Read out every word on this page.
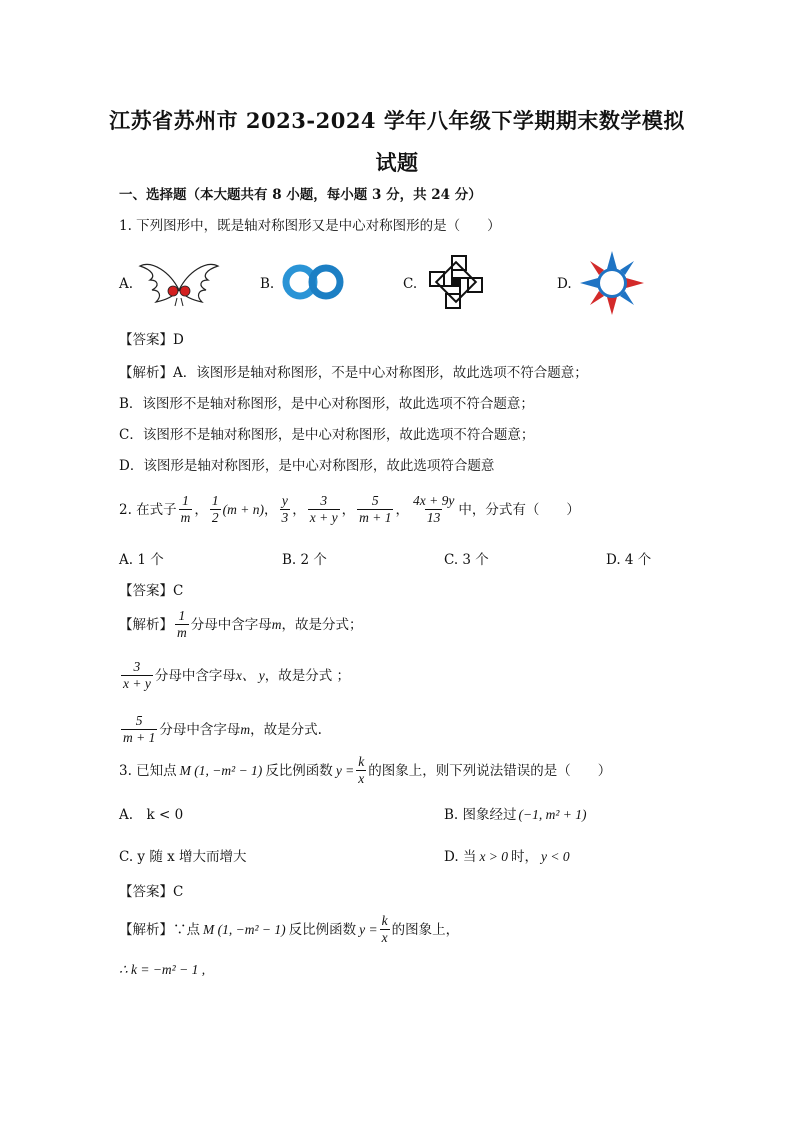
江苏省苏州市 2023-2024 学年八年级下学期期末数学模拟
试题
一、选择题（本大题共有 8 小题，每小题 3 分，共 24 分）
1. 下列图形中，既是轴对称图形又是中心对称图形的是（　　）
A.	B.	C.	D.
【答案】D
【解析】A．该图形是轴对称图形，不是中心对称图形，故此选项不符合题意；
B．该图形不是轴对称图形，是中心对称图形，故此选项不符合题意；
C．该图形不是轴对称图形，是中心对称图形，故此选项不符合题意；
D．该图形是轴对称图形，是中心对称图形，故此选项符合题意
2. 在式子 $\frac{1}{m}$ ， $\frac{1}{2} (m + n)$ ， $\frac{y}{3}$ ， $\frac{3}{x + y}$ ， $\frac{5}{m + 1}$ ， $\frac{4x + 9y}{13}$ 中，分式有（　　）
A. 1 个	B. 2 个	C. 3 个	D. 4 个
【答案】C
【解析】 $\frac{1}{m}$ 分母中含字母 m ，故是分式；
$\frac{3}{x + y}$ 分母中含字母 x、 y ，故是分式 ；
$\frac{5}{m + 1}$ 分母中含字母 m ，故是分式.
3. 已知点 M (1, −m² − 1) 反比例函数 $y = \frac{k}{x}$ 的图象上，则下列说法错误的是（　　）
A.　k < 0	B. 图象经过 (−1, m² + 1)
C. y 随 x 增大而增大	D. 当 x > 0 时， y < 0
【答案】C
【解析】∵点 M (1, −m² − 1) 反比例函数 $y = \frac{k}{x}$ 的图象上，
∴ k = −m² − 1 ,
